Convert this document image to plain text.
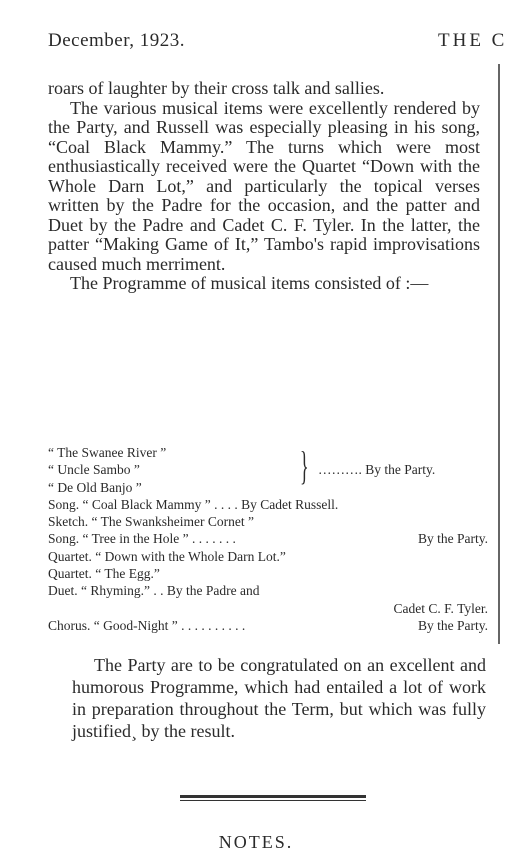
December, 1923.	THE C

roars of laughter by their cross talk and sallies.

The various musical items were excellently rendered by the Party, and Russell was especially pleasing in his song, “Coal Black Mammy.” The turns which were most enthusiastically received were the Quartet “Down with the Whole Darn Lot,” and particularly the topical verses written by the Padre for the occasion, and the patter and Duet by the Padre and Cadet C. F. Tyler. In the latter, the patter “Making Game of It,” Tambo's rapid improvisations caused much merriment.

The Programme of musical items consisted of :—

}
“ The Swanee River ”
“ Uncle Sambo ”	………. By the Party.
“ De Old Banjo ”
Song. “ Coal Black Mammy ” . . . . By Cadet Russell.
Sketch. “ The Swanksheimer Cornet ”
Song. “ Tree in the Hole ” . . . . . . .	By the Party.
Quartet. “ Down with the Whole Darn Lot.”
Quartet. “ The Egg.”
Duet. “ Rhyming.” . . By the Padre and
Cadet C. F. Tyler.
Chorus. “ Good-Night ” . . . . . . . . . .	By the Party.

The Party are to be congratulated on an excellent and humorous Programme, which had entailed a lot of work in preparation throughout the Term, but which was fully justified¸ by the result.

NOTES.
